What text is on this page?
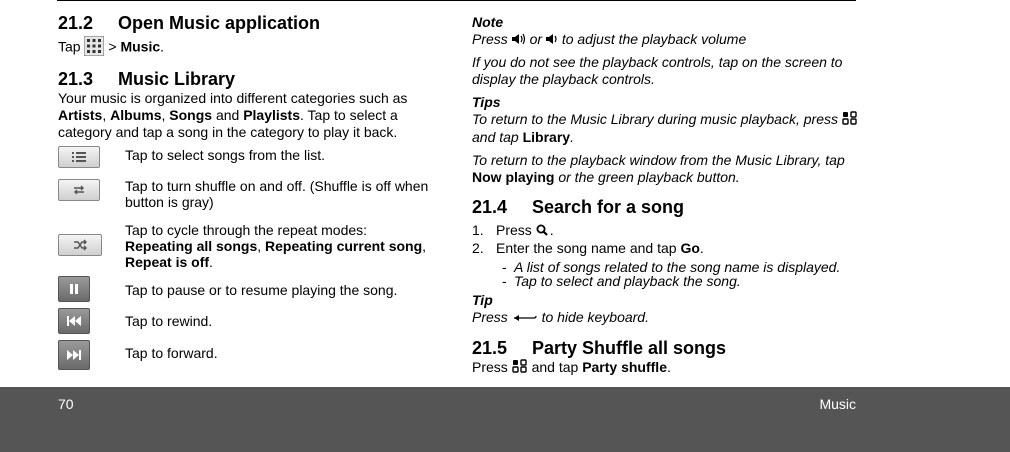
21.2 Open Music application

Tap > Music.

21.3 Music Library

Your music is organized into different categories such as Artists, Albums, Songs and Playlists. Tap to select a category and tap a song in the category to play it back.

Tap to select songs from the list.
Tap to turn shuffle on and off. (Shuffle is off when button is gray)
Tap to cycle through the repeat modes:
Repeating all songs, Repeating current song,
Repeat is off.
Tap to pause or to resume playing the song.
Tap to rewind.
Tap to forward.

Note

Press or to adjust the playback volume

If you do not see the playback controls, tap on the screen to display the playback controls.

Tips

To return to the Music Library during music playback, press  and tap Library.

To return to the playback window from the Music Library, tap Now playing or the green playback button.

21.4 Search for a song
1. Press .
2. Enter the song name and tap Go.
- A list of songs related to the song name is displayed.
- Tap to select and playback the song.

Tip

Press to hide keyboard.

21.5 Party Shuffle all songs

Press and tap Party shuffle.

70	Music
